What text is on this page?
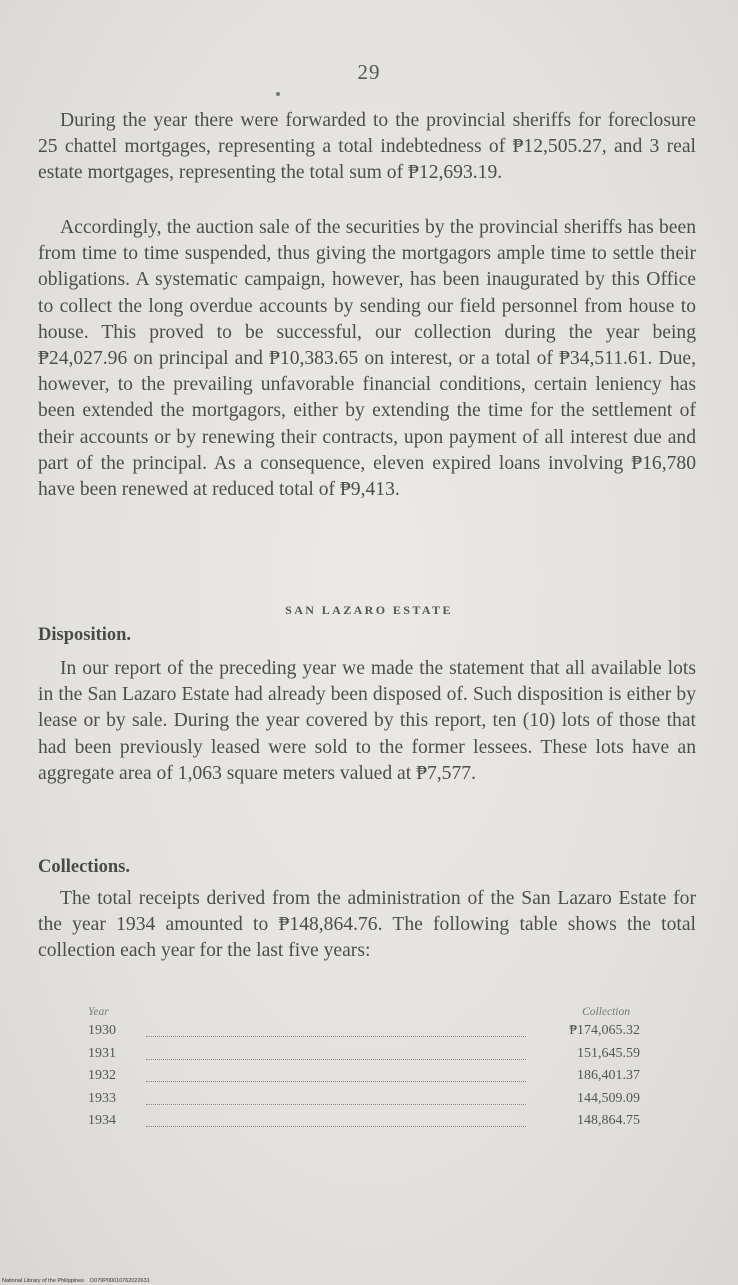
29

During the year there were forwarded to the provincial sheriffs for foreclosure 25 chattel mortgages, representing a total indebtedness of ₱12,505.27, and 3 real estate mortgages, representing the total sum of ₱12,693.19.

Accordingly, the auction sale of the securities by the provincial sheriffs has been from time to time suspended, thus giving the mortgagors ample time to settle their obligations. A systematic campaign, however, has been inaugurated by this Office to collect the long overdue accounts by sending our field personnel from house to house. This proved to be successful, our collection during the year being ₱24,027.96 on principal and ₱10,383.65 on interest, or a total of ₱34,511.61. Due, however, to the prevailing unfavorable financial conditions, certain leniency has been extended the mortgagors, either by extending the time for the settlement of their accounts or by renewing their contracts, upon payment of all interest due and part of the principal. As a consequence, eleven expired loans involving ₱16,780 have been renewed at reduced total of ₱9,413.

SAN LAZARO ESTATE
Disposition.

In our report of the preceding year we made the statement that all available lots in the San Lazaro Estate had already been disposed of. Such disposition is either by lease or by sale. During the year covered by this report, ten (10) lots of those that had been previously leased were sold to the former lessees. These lots have an aggregate area of 1,063 square meters valued at ₱7,577.

Collections.

The total receipts derived from the administration of the San Lazaro Estate for the year 1934 amounted to ₱148,864.76. The following table shows the total collection each year for the last five years:

Year	Collection
1930	₱174,065.32
1931	151,645.59
1932	186,401.37
1933	144,509.09
1934	148,864.75
National Library of the Philippines    D079P00010762022631
